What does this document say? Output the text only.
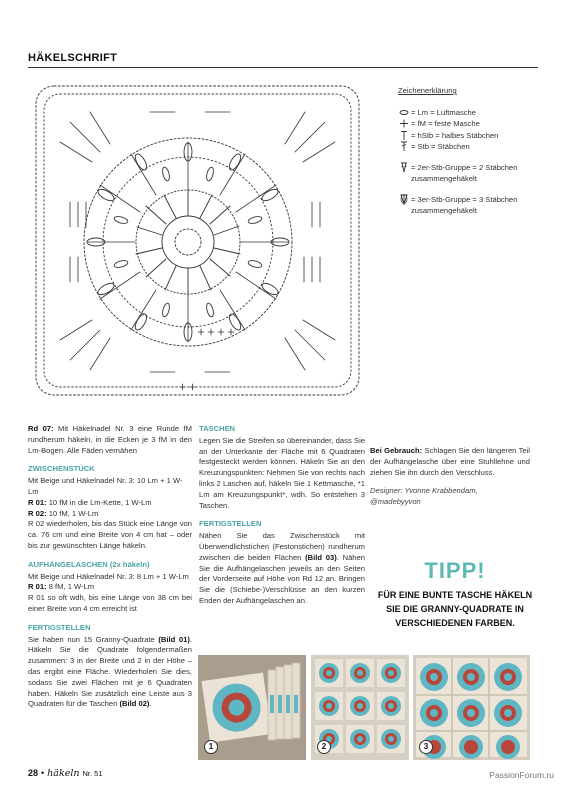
HÄKELSCHRIFT
Zeichenerklärung
= Lm = Luftmasche
= fM = feste Masche
= hStb = halbes Stäbchen
= Stb = Stäbchen
= 2er-Stb-Gruppe = 2 Stäbchen zusammengehäkelt
= 3er-Stb-Gruppe = 3 Stäbchen zusammengehäkelt

Rd 07: Mit Häkelnadel Nr. 3 eine Runde fM rundherum häkeln, in die Ecken je 3 fM in den Lm-Bogen. Alle Fäden vernähen

ZWISCHENSTÜCK
Mit Beige und Häkelnadel Nr. 3: 10 Lm + 1 W-Lm
R 01: 10 fM in die Lm-Kette, 1 W-Lm
R 02: 10 fM, 1 W-Lm

R 02 wiederholen, bis das Stück eine Länge von ca. 76 cm und eine Breite von 4 cm hat – oder bis zur gewünschten Länge häkeln.

AUFHÄNGELASCHEN (2x häkeln)
Mit Beige und Häkelnadel Nr. 3: 8 Lm + 1 W-Lm
R 01: 8 fM, 1 W-Lm

R 01 so oft wdh, bis eine Länge von 38 cm bei einer Breite von 4 cm erreicht ist

FERTIGSTELLEN

Sie haben nun 15 Granny-Quadrate (Bild 01). Häkeln Sie die Quadrate folgendermaßen zusammen: 3 in der Breite und 2 in der Höhe – das ergibt eine Fläche. Wiederholen Sie dies, sodass Sie zwei Flächen mit je 6 Quadraten haben. Häkeln Sie zusätzlich eine Leiste aus 3 Quadraten für die Taschen (Bild 02).

TASCHEN

Legen Sie die Streifen so übereinander, dass Sie an der Unterkante der Fläche mit 6 Quadraten festgesteckt werden können. Häkeln Sie an den Kreuzungspunkten: Nehmen Sie von rechts nach links 2 Laschen auf, häkeln Sie 1 Kettmasche, *1 Lm am Kreuzungspunkt*, wdh. So entstehen 3 Taschen.

FERTIGSTELLEN

Nähen Sie das Zwischenstück mit Überwendlichstichen (Festonstichen) rundherum zwischen die beiden Flächen (Bild 03). Nähen Sie die Aufhängelaschen jeweils an den Seiten der Vorderseite auf Höhe von Rd 12 an. Bringen Sie die (Schiebe-)Verschlüsse an den kurzen Enden der Aufhängelaschen an.

Bei Gebrauch: Schlagen Sie den längeren Teil der Aufhängelasche über eine Stuhllehne und ziehen Sie ihn durch den Verschluss.

Designer: Yvonne Krabbendam,
@madebyyvon

TIPP!
FÜR EINE BUNTE TASCHE HÄKELN SIE DIE GRANNY-QUADRATE IN VERSCHIEDENEN FARBEN.
1	2	3
28 • häkeln Nr. 51	PassionForum.ru
